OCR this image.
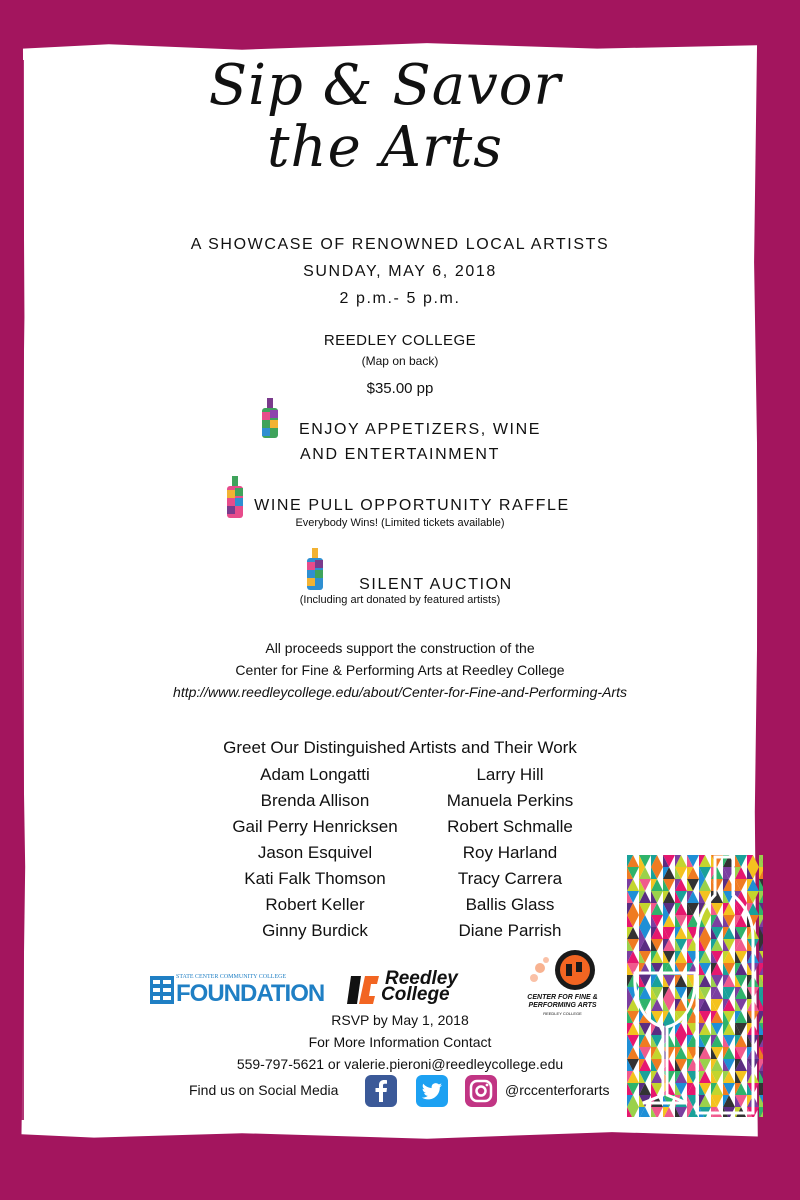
Sip & Savor
the Arts
A SHOWCASE OF RENOWNED LOCAL ARTISTS
SUNDAY, MAY 6, 2018
2 p.m.- 5 p.m.
REEDLEY COLLEGE
(Map on back)
$35.00 pp
ENJOY APPETIZERS, WINE
AND ENTERTAINMENT
WINE PULL OPPORTUNITY RAFFLE
Everybody Wins! (Limited tickets available)
SILENT AUCTION
(Including art donated by featured artists)
All proceeds support the construction of the
Center for Fine & Performing Arts at Reedley College
http://www.reedleycollege.edu/about/Center-for-Fine-and-Performing-Arts
Greet Our Distinguished Artists and Their Work
Adam Longatti
Brenda Allison
Gail Perry Henricksen
Jason Esquivel
Kati Falk Thomson
Robert Keller
Ginny Burdick
Larry Hill
Manuela Perkins
Robert Schmalle
Roy Harland
Tracy Carrera
Ballis Glass
Diane Parrish
STATE CENTER COMMUNITY COLLEGE
FOUNDATION
Reedley
College	CENTER FOR FINE &
PERFORMING ARTS
REEDLEY COLLEGE
RSVP by May 1, 2018
For More Information Contact
559-797-5621 or valerie.pieroni@reedleycollege.edu
Find us on Social Media	@rccenterforarts
